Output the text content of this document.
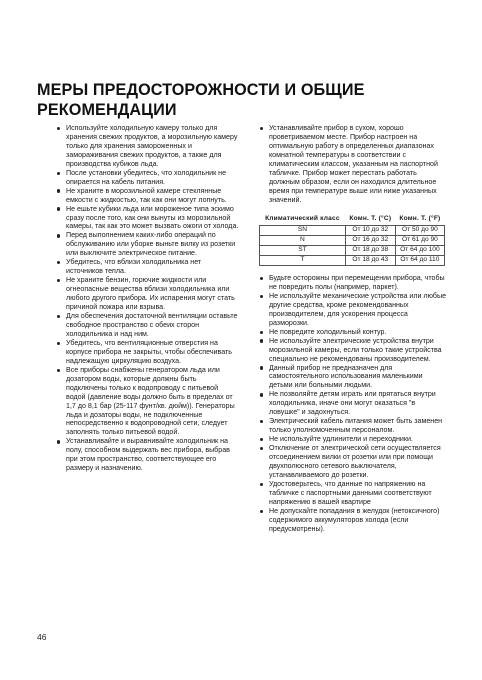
МЕРЫ ПРЕДОСТОРОЖНОСТИ И ОБЩИЕ РЕКОМЕНДАЦИИ
Используйте холодильную камеру только для хранения свежих продуктов, а морозильную камеру только для хранения замороженных и замораживания свежих продуктов, а также для производства кубиков льда.
После установки убедитесь, что холодильник не опирается на кабель питания.
Не храните в морозильной камере стеклянные емкости с жидкостью, так как они могут лопнуть.
Не ешьте кубики льда или мороженое типа эскимо сразу после того, как они вынуты из морозильной камеры, так как это может вызвать ожоги от холода.
Перед выполнением каких-либо операций по обслуживанию или уборке выньте вилку из розетки или выключите электрическое питание.
Убедитесь, что вблизи холодильника нет источников тепла.
Не храните бензин, горючие жидкости или огнеопасные вещества вблизи холодильника или любого другого прибора. Их испарения могут стать причиной пожара или взрыва.
Для обеспечения достаточной вентиляции оставьте свободное пространство с обеих сторон холодильника и над ним.
Убедитесь, что вентиляционные отверстия на корпусе прибора не закрыты, чтобы обеспечивать надлежащую циркуляцию воздуха.
Все приборы снабжены генератором льда или дозатором воды, которые должны быть подключены только к водопроводу с питьевой водой (давление воды должно быть в пределах от 1,7 до 8,1 бар (25-117 фунт/кв. дюйм)). Генераторы льда и дозаторы воды, не подключенные непосредственно к водопроводной сети, следует заполнять только питьевой водой.
Устанавливайте и выравнивайте холодильник на полу, способном выдержать вес прибора, выбрав при этом пространство, соответствующее его размеру и назначению.
Устанавливайте прибор в сухом, хорошо проветриваемом месте. Прибор настроен на оптимальную работу в определенных диапазонах комнатной температуры в соответствии с климатическим классом, указанным на паспортной табличке. Прибор может перестать работать должным образом, если он находился длительное время при температуре выше или ниже указанных значений.
Климатический класс	Комн. Т. (°C)	Комн. Т. (°F)
SN	От 10 до 32	От 50 до 90
N	От 16 до 32	От 61 до 90
ST	От 18 до 38	От 64 до 100
T	От 18 до 43	От 64 до 110
Будьте осторожны при перемещении прибора, чтобы не повредить полы (например, паркет).
Не используйте механические устройства или любые другие средства, кроме рекомендованных производителем, для ускорения процесса разморозки.
Не повредите холодильный контур.
Не используйте электрические устройства внутри морозильной камеры, если только такие устройства специально не рекомендованы производителем.
Данный прибор не предназначен для самостоятельного использования маленькими детьми или больными людьми.
Не позволяйте детям играть или прятаться внутри холодильника, иначе они могут оказаться "в ловушке" и задохнуться.
Электрический кабель питания может быть заменен только уполномоченным персоналом.
Не используйте удлинители и переходники.
Отключение от электрической сети осуществляется отсоединением вилки от розетки или при помощи двухполюсного сетевого выключателя, устанавливаемого до розетки.
Удостоверьтесь, что данные по напряжению на табличке с паспортными данными соответствуют напряжению в вашей квартире
Не допускайте попадания в желудок (нетоксичного) содержимого аккумуляторов холода (если предусмотрены).
46
